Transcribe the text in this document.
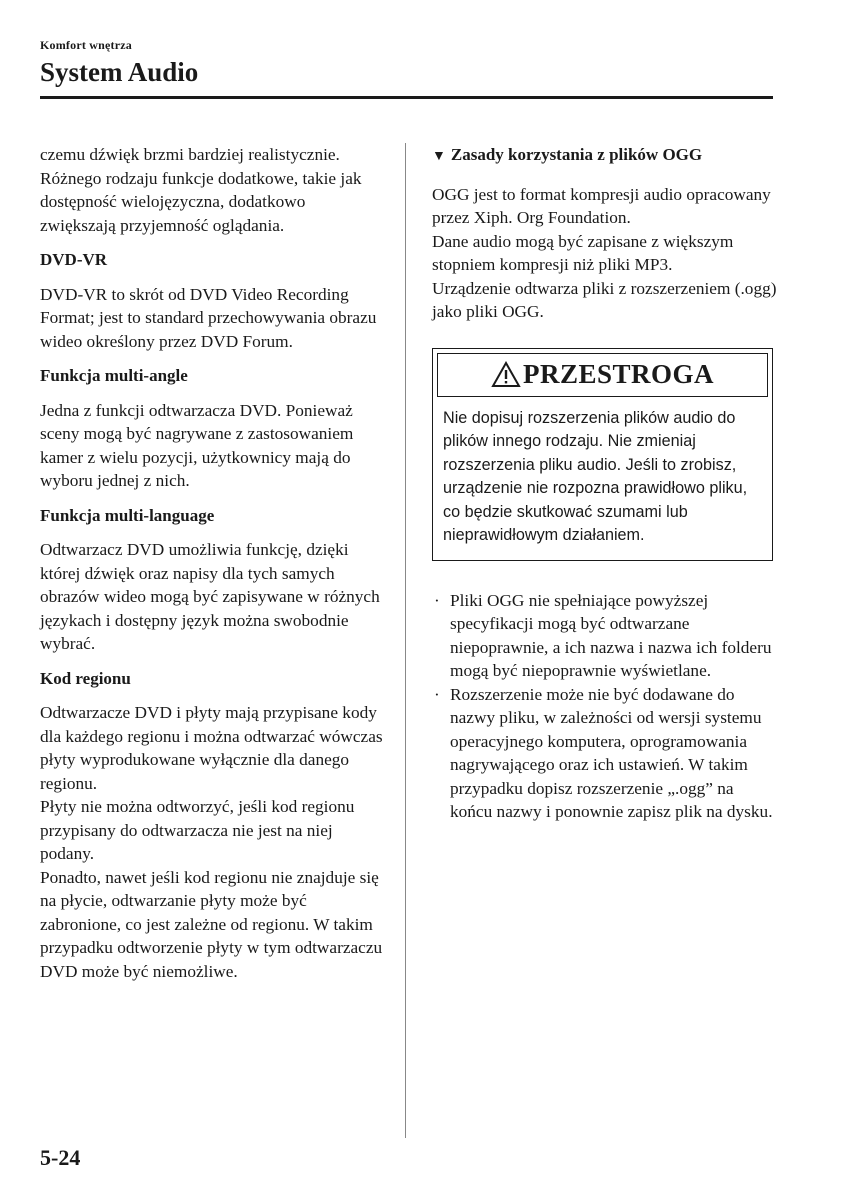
Komfort wnętrza
System Audio

czemu dźwięk brzmi bardziej realistycznie.

Różnego rodzaju funkcje dodatkowe, takie jak dostępność wielojęzyczna, dodatkowo zwiększają przyjemność oglądania.

DVD-VR

DVD-VR to skrót od DVD Video Recording Format; jest to standard przechowywania obrazu wideo określony przez DVD Forum.

Funkcja multi-angle

Jedna z funkcji odtwarzacza DVD. Ponieważ sceny mogą być nagrywane z zastosowaniem kamer z wielu pozycji, użytkownicy mają do wyboru jednej z nich.

Funkcja multi-language

Odtwarzacz DVD umożliwia funkcję, dzięki której dźwięk oraz napisy dla tych samych obrazów wideo mogą być zapisywane w różnych językach i dostępny język można swobodnie wybrać.

Kod regionu

Odtwarzacze DVD i płyty mają przypisane kody dla każdego regionu i można odtwarzać wówczas płyty wyprodukowane wyłącznie dla danego regionu.

Płyty nie można odtworzyć, jeśli kod regionu przypisany do odtwarzacza nie jest na niej podany.

Ponadto, nawet jeśli kod regionu nie znajduje się na płycie, odtwarzanie płyty może być zabronione, co jest zależne od regionu. W takim przypadku odtworzenie płyty w tym odtwarzaczu DVD może być niemożliwe.

▼ Zasady korzystania z plików OGG

OGG jest to format kompresji audio opracowany przez Xiph. Org Foundation.

Dane audio mogą być zapisane z większym stopniem kompresji niż pliki MP3.

Urządzenie odtwarza pliki z rozszerzeniem (.ogg) jako pliki OGG.

PRZESTROGA
Nie dopisuj rozszerzenia plików audio do plików innego rodzaju. Nie zmieniaj rozszerzenia pliku audio. Jeśli to zrobisz, urządzenie nie rozpozna prawidłowo pliku, co będzie skutkować szumami lub nieprawidłowym działaniem.
· Pliki OGG nie spełniające powyższej specyfikacji mogą być odtwarzane niepoprawnie, a ich nazwa i nazwa ich folderu mogą być niepoprawnie wyświetlane.
· Rozszerzenie może nie być dodawane do nazwy pliku, w zależności od wersji systemu operacyjnego komputera, oprogramowania nagrywającego oraz ich ustawień. W takim przypadku dopisz rozszerzenie „.ogg” na końcu nazwy i ponownie zapisz plik na dysku.
5-24
